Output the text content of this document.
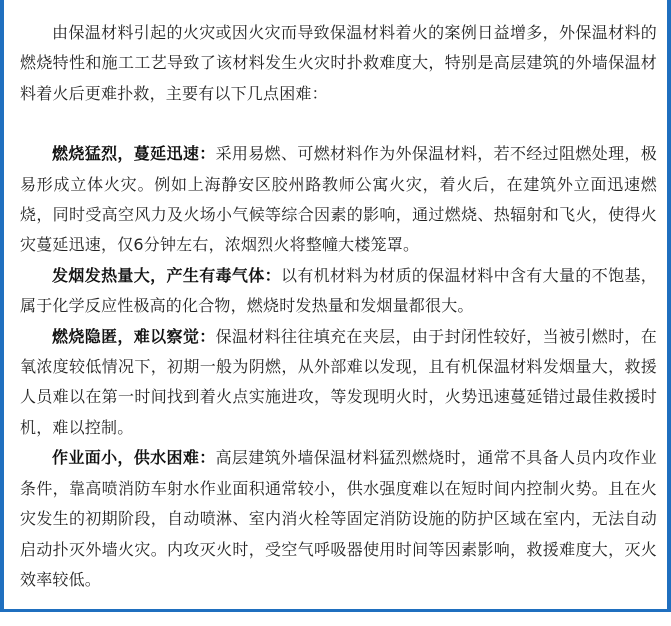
由保温材料引起的火灾或因火灾而导致保温材料着火的案例日益增多，外保温材料的燃烧特性和施工工艺导致了该材料发生火灾时扑救难度大，特别是高层建筑的外墙保温材料着火后更难扑救，主要有以下几点困难：

燃烧猛烈，蔓延迅速：采用易燃、可燃材料作为外保温材料，若不经过阻燃处理，极易形成立体火灾。例如上海静安区胶州路教师公寓火灾，着火后，在建筑外立面迅速燃烧，同时受高空风力及火场小气候等综合因素的影响，通过燃烧、热辐射和飞火，使得火灾蔓延迅速，仅6分钟左右，浓烟烈火将整幢大楼笼罩。

发烟发热量大，产生有毒气体：以有机材料为材质的保温材料中含有大量的不饱基，属于化学反应性极高的化合物，燃烧时发热量和发烟量都很大。

燃烧隐匿，难以察觉：保温材料往往填充在夹层，由于封闭性较好，当被引燃时，在氧浓度较低情况下，初期一般为阴燃，从外部难以发现，且有机保温材料发烟量大，救援人员难以在第一时间找到着火点实施进攻，等发现明火时，火势迅速蔓延错过最佳救援时机，难以控制。

作业面小，供水困难：高层建筑外墙保温材料猛烈燃烧时，通常不具备人员内攻作业条件，靠高喷消防车射水作业面积通常较小，供水强度难以在短时间内控制火势。且在火灾发生的初期阶段，自动喷淋、室内消火栓等固定消防设施的防护区域在室内，无法自动启动扑灭外墙火灾。内攻灭火时，受空气呼吸器使用时间等因素影响，救援难度大，灭火效率较低。
